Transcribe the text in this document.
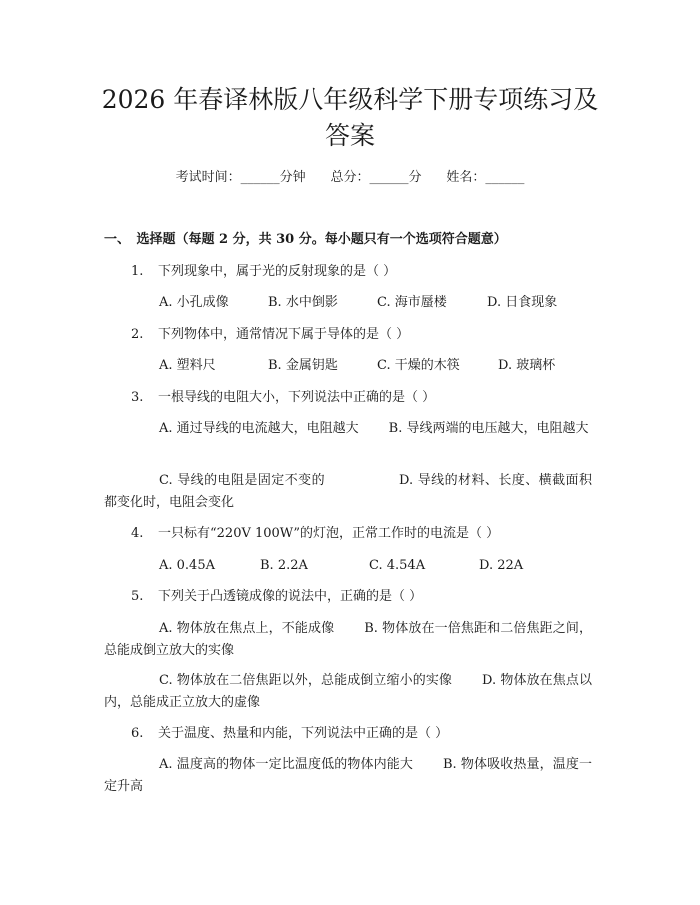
2026 年春译林版八年级科学下册专项练习及答案
考试时间：______分钟 总分：______分 姓名：______
一、　选择题（每题 2 分，共 30 分。每小题只有一个选项符合题意）
1. 下列现象中，属于光的反射现象的是（ ）
A. 小孔成像	B. 水中倒影	C. 海市蜃楼	D. 日食现象
2. 下列物体中，通常情况下属于导体的是（ ）
A. 塑料尺	B. 金属钥匙	C. 干燥的木筷	D. 玻璃杯
3. 一根导线的电阻大小，下列说法中正确的是（ ）

A. 通过导线的电流越大，电阻越大 B. 导线两端的电压越大，电阻越大

C. 导线的电阻是固定不变的	D. 导线的材料、长度、横截面积都变化时，电阻会变化

4. 一只标有“220V 100W”的灯泡，正常工作时的电流是（ ）
A. 0.45A	B. 2.2A	C. 4.54A	D. 22A
5. 下列关于凸透镜成像的说法中，正确的是（ ）

A. 物体放在焦点上，不能成像 B. 物体放在一倍焦距和二倍焦距之间，总能成倒立放大的实像

C. 物体放在二倍焦距以外，总能成倒立缩小的实像 D. 物体放在焦点以内，总能成正立放大的虚像

6. 关于温度、热量和内能，下列说法中正确的是（ ）

A. 温度高的物体一定比温度低的物体内能大 B. 物体吸收热量，温度一定升高
